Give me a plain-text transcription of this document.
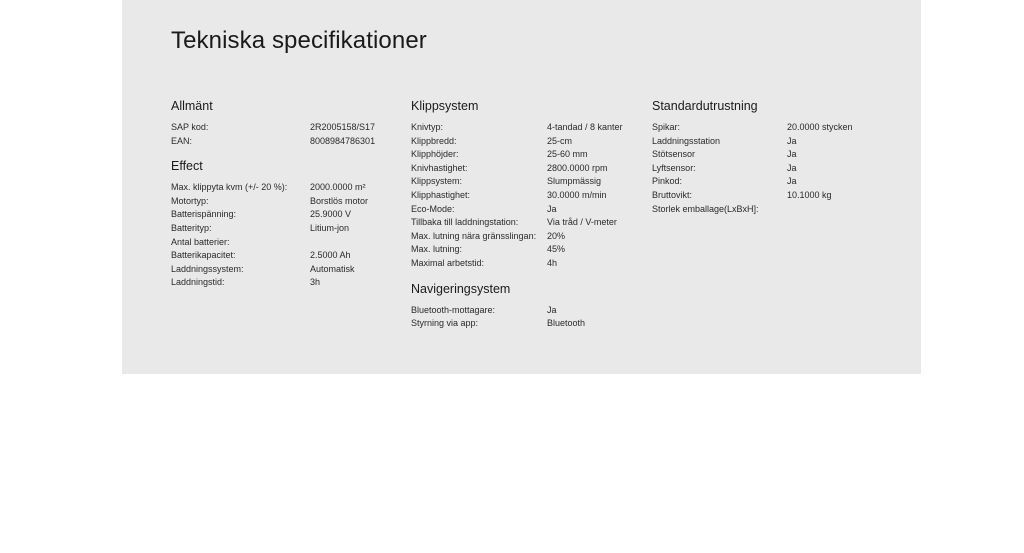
Tekniska specifikationer
Allmänt
SAP kod:	2R2005158/S17
EAN:	8008984786301
Effect
Max. klippyta kvm (+/- 20 %):	2000.0000 m²
Motortyp:	Borstlös motor
Batterispänning:	25.9000 V
Batterityp:	Litium-jon
Antal batterier:
Batterikapacitet:	2.5000 Ah
Laddningssystem:	Automatisk
Laddningstid:	3h
Klippsystem
Knivtyp:	4-tandad / 8 kanter
Klippbredd:	25-cm
Klipphöjder:	25-60 mm
Knivhastighet:	2800.0000 rpm
Klippsystem:	Slumpmässig
Klipphastighet:	30.0000 m/min
Eco-Mode:	Ja
Tillbaka till laddningstation:	Via tråd / V-meter
Max. lutning nära gränsslingan: 20%
Max. lutning:	45%
Maximal arbetstid:	4h
Navigeringsystem
Bluetooth-mottagare:	Ja
Styrning via app:	Bluetooth
Standardutrustning
Spikar:	20.0000 stycken
Laddningsstation	Ja
Stötsensor	Ja
Lyftsensor:	Ja
Pinkod:	Ja
Bruttovikt:	10.1000 kg
Storlek emballage(LxBxH]:
